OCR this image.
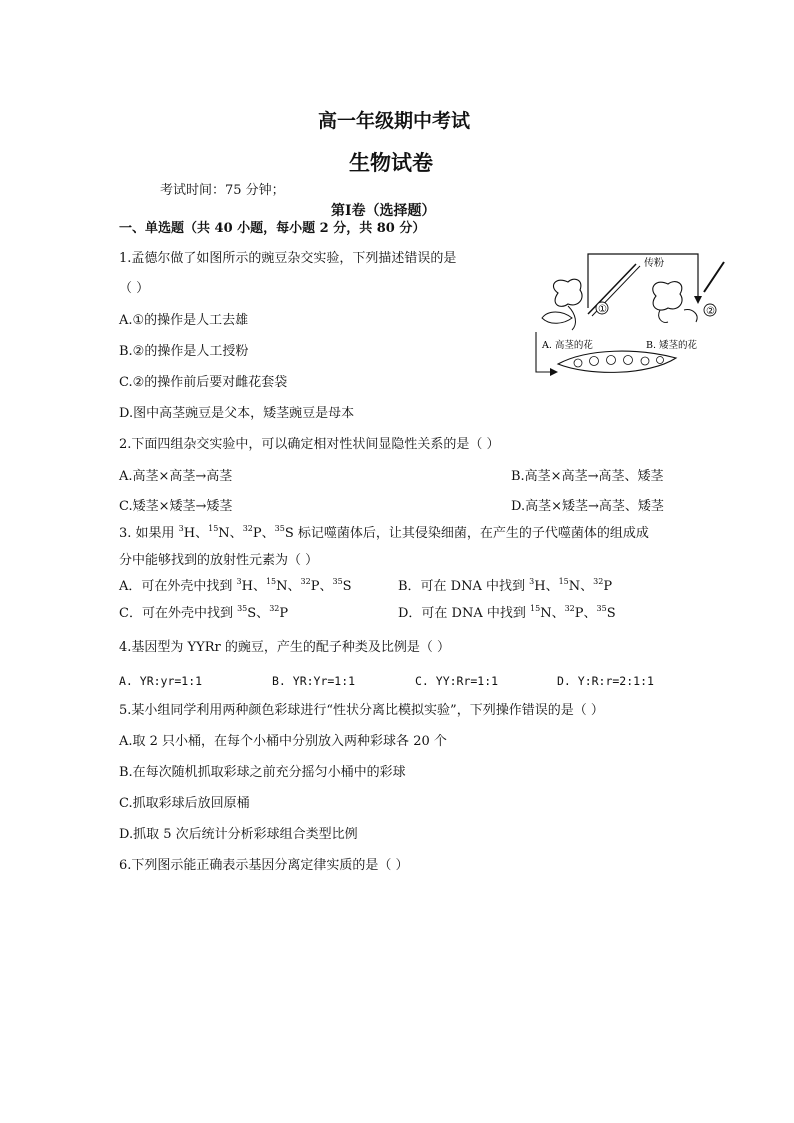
高一年级期中考试
生物试卷
考试时间：75 分钟；
第Ⅰ卷（选择题）
一、单选题（共 40 小题，每小题 2 分，共 80 分）
1.孟德尔做了如图所示的豌豆杂交实验，下列描述错误的是
（ ）
A.①的操作是人工去雄
B.②的操作是人工授粉
C.②的操作前后要对雌花套袋
D.图中高茎豌豆是父本，矮茎豌豆是母本
传粉
①	②
A. 高茎的花	B. 矮茎的花
2.下面四组杂交实验中，可以确定相对性状间显隐性关系的是（ ）
A.高茎×高茎→高茎	B.高茎×高茎→高茎、矮茎
C.矮茎×矮茎→矮茎	D.高茎×矮茎→高茎、矮茎
3. 如果用 $^3$H、$^{15}$N、$^{32}$P、$^{35}$S 标记噬菌体后，让其侵染细菌，在产生的子代噬菌体的组成成
分中能够找到的放射性元素为（ ）
A．可在外壳中找到 $^3$H、$^{15}$N、$^{32}$P、$^{35}$S	B．可在 DNA 中找到 $^3$H、$^{15}$N、$^{32}$P
C．可在外壳中找到 $^{35}$S、$^{32}$P	D．可在 DNA 中找到 $^{15}$N、$^{32}$P、$^{35}$S
4.基因型为 YYRr 的豌豆，产生的配子种类及比例是（ ）
A. YR:yr=1:1	B. YR:Yr=1:1	C. YY:Rr=1:1	D. Y:R:r=2:1:1
5.某小组同学利用两种颜色彩球进行“性状分离比模拟实验”，下列操作错误的是（ ）
A.取 2 只小桶，在每个小桶中分别放入两种彩球各 20 个
B.在每次随机抓取彩球之前充分摇匀小桶中的彩球
C.抓取彩球后放回原桶
D.抓取 5 次后统计分析彩球组合类型比例
6.下列图示能正确表示基因分离定律实质的是（ ）
